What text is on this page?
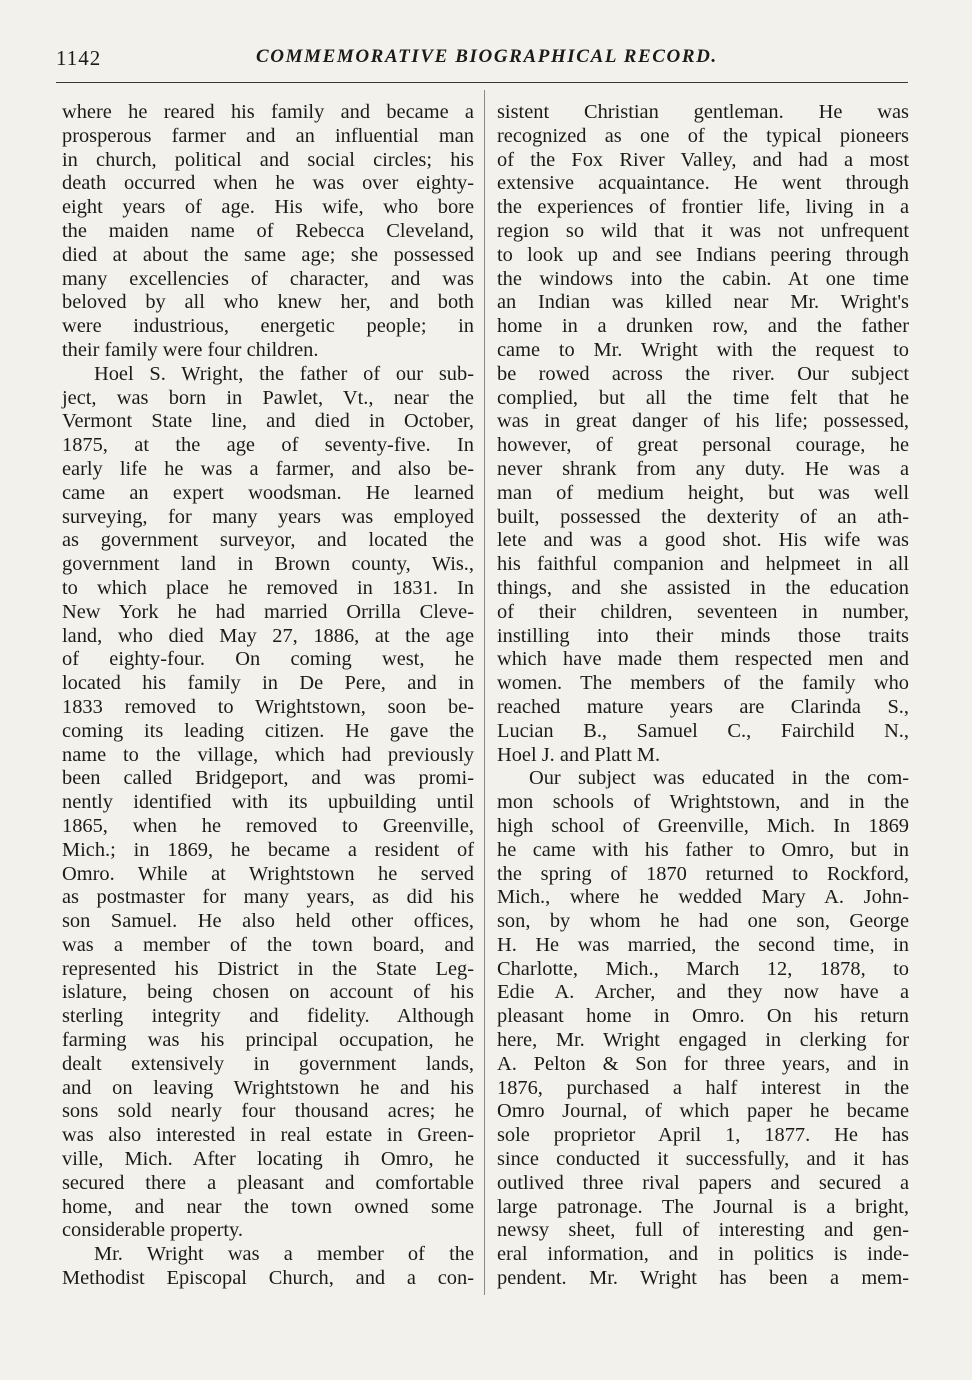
1142	COMMEMORATIVE BIOGRAPHICAL RECORD.
where he reared his family and became a
prosperous farmer and an influential man
in church, political and social circles; his
death occurred when he was over eighty-
eight years of age. His wife, who bore
the maiden name of Rebecca Cleveland,
died at about the same age; she possessed
many excellencies of character, and was
beloved by all who knew her, and both
were industrious, energetic people; in
their family were four children.
Hoel S. Wright, the father of our sub-
ject, was born in Pawlet, Vt., near the
Vermont State line, and died in October,
1875, at the age of seventy-five. In
early life he was a farmer, and also be-
came an expert woodsman. He learned
surveying, for many years was employed
as government surveyor, and located the
government land in Brown county, Wis.,
to which place he removed in 1831. In
New York he had married Orrilla Cleve-
land, who died May 27, 1886, at the age
of eighty-four. On coming west, he
located his family in De Pere, and in
1833 removed to Wrightstown, soon be-
coming its leading citizen. He gave the
name to the village, which had previously
been called Bridgeport, and was promi-
nently identified with its upbuilding until
1865, when he removed to Greenville,
Mich.; in 1869, he became a resident of
Omro. While at Wrightstown he served
as postmaster for many years, as did his
son Samuel. He also held other offices,
was a member of the town board, and
represented his District in the State Leg-
islature, being chosen on account of his
sterling integrity and fidelity. Although
farming was his principal occupation, he
dealt extensively in government lands,
and on leaving Wrightstown he and his
sons sold nearly four thousand acres; he
was also interested in real estate in Green-
ville, Mich. After locating ih Omro, he
secured there a pleasant and comfortable
home, and near the town owned some
considerable property.
Mr. Wright was a member of the
Methodist Episcopal Church, and a con-
sistent Christian gentleman. He was
recognized as one of the typical pioneers
of the Fox River Valley, and had a most
extensive acquaintance. He went through
the experiences of frontier life, living in a
region so wild that it was not unfrequent
to look up and see Indians peering through
the windows into the cabin. At one time
an Indian was killed near Mr. Wright's
home in a drunken row, and the father
came to Mr. Wright with the request to
be rowed across the river. Our subject
complied, but all the time felt that he
was in great danger of his life; possessed,
however, of great personal courage, he
never shrank from any duty. He was a
man of medium height, but was well
built, possessed the dexterity of an ath-
lete and was a good shot. His wife was
his faithful companion and helpmeet in all
things, and she assisted in the education
of their children, seventeen in number,
instilling into their minds those traits
which have made them respected men and
women. The members of the family who
reached mature years are Clarinda S.,
Lucian B., Samuel C., Fairchild N.,
Hoel J. and Platt M.
Our subject was educated in the com-
mon schools of Wrightstown, and in the
high school of Greenville, Mich. In 1869
he came with his father to Omro, but in
the spring of 1870 returned to Rockford,
Mich., where he wedded Mary A. John-
son, by whom he had one son, George
H. He was married, the second time, in
Charlotte, Mich., March 12, 1878, to
Edie A. Archer, and they now have a
pleasant home in Omro. On his return
here, Mr. Wright engaged in clerking for
A. Pelton & Son for three years, and in
1876, purchased a half interest in the
Omro Journal, of which paper he became
sole proprietor April 1, 1877. He has
since conducted it successfully, and it has
outlived three rival papers and secured a
large patronage. The Journal is a bright,
newsy sheet, full of interesting and gen-
eral information, and in politics is inde-
pendent. Mr. Wright has been a mem-
